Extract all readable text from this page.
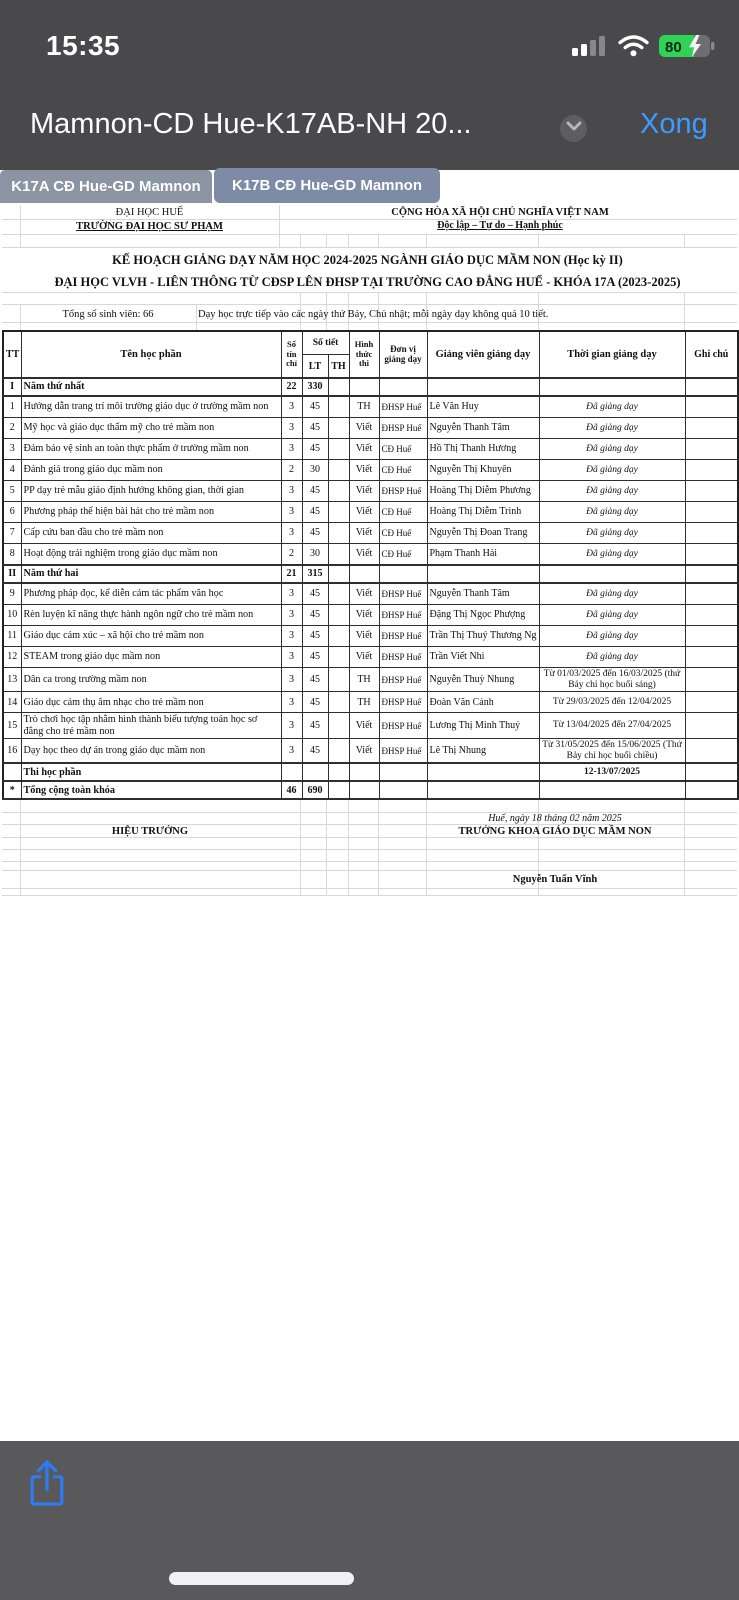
15:35	80
Mamnon-CD Hue-K17AB-NH 20...	Xong
K17A CĐ Hue-GD Mamnon	K17B CĐ Hue-GD Mamnon
ĐẠI HỌC HUẾ
TRƯỜNG ĐẠI HỌC SƯ PHẠM
CỘNG HÒA XÃ HỘI CHỦ NGHĨA VIỆT NAM
Độc lập – Tự do – Hạnh phúc
KẾ HOẠCH GIẢNG DẠY NĂM HỌC 2024-2025 NGÀNH GIÁO DỤC MẦM NON (Học kỳ II)
ĐẠI HỌC VLVH - LIÊN THÔNG TỪ CĐSP LÊN ĐHSP TẠI TRƯỜNG CAO ĐẲNG HUẾ - KHÓA 17A (2023-2025)
Tổng số sinh viên: 66	Dạy học trực tiếp vào các ngày thứ Bảy, Chủ nhật; mỗi ngày dạy không quá 10 tiết.
TT	Tên học phần	Số tín chỉ	Số tiết		Hình thức thi	Đơn vị giảng dạy	Giảng viên giảng dạy	Thời gian giảng dạy	Ghi chú
			LT	TH					
I	Năm thứ nhất	22	330						
1	Hướng dẫn trang trí môi trường giáo dục ở trường mầm non	3	45		TH	ĐHSP Huế	Lê Văn Huy	Đã giảng dạy	
2	Mỹ học và giáo dục thẩm mỹ cho trẻ mầm non	3	45		Viết	ĐHSP Huế	Nguyễn Thanh Tâm	Đã giảng dạy	
3	Đảm bảo vệ sinh an toàn thực phẩm ở trường mầm non	3	45		Viết	CĐ Huế	Hồ Thị Thanh Hương	Đã giảng dạy	
4	Đánh giá trong giáo dục mầm non	2	30		Viết	CĐ Huế	Nguyễn Thị Khuyên	Đã giảng dạy	
5	PP dạy trẻ mẫu giáo định hướng không gian, thời gian	3	45		Viết	ĐHSP Huế	Hoàng Thị Diễm Phương	Đã giảng dạy	
6	Phương pháp thể hiện bài hát cho trẻ mầm non	3	45		Viết	CĐ Huế	Hoàng Thị Diễm Trinh	Đã giảng dạy	
7	Cấp cứu ban đầu cho trẻ mầm non	3	45		Viết	CĐ Huế	Nguyễn Thị Đoan Trang	Đã giảng dạy	
8	Hoạt động trải nghiệm trong giáo dục mầm non	2	30		Viết	CĐ Huế	Phạm Thanh Hải	Đã giảng dạy	
II	Năm thứ hai	21	315						
9	Phương pháp đọc, kể diễn cảm tác phẩm văn học	3	45		Viết	ĐHSP Huế	Nguyễn Thanh Tâm	Đã giảng dạy	
10	Rèn luyện kĩ năng thực hành ngôn ngữ cho trẻ mầm non	3	45		Viết	ĐHSP Huế	Đặng Thị Ngọc Phượng	Đã giảng dạy	
11	Giáo dục cảm xúc – xã hội cho trẻ mầm non	3	45		Viết	ĐHSP Huế	Trần Thị Thuý Thương Ng	Đã giảng dạy	
12	STEAM trong giáo dục mầm non	3	45		Viết	ĐHSP Huế	Trần Viết Nhi	Đã giảng dạy	
13	Dân ca trong trường mầm non	3	45		TH	ĐHSP Huế	Nguyễn Thuỳ Nhung	Từ 01/03/2025 đến 16/03/2025 (thứ Bảy chỉ học buổi sáng)	
14	Giáo dục cảm thụ âm nhạc cho trẻ mầm non	3	45		TH	ĐHSP Huế	Đoàn Văn Cảnh	Từ 29/03/2025 đến 12/04/2025	
15	Trò chơi học tập nhằm hình thành biểu tượng toán học sơ đẳng cho trẻ mầm non	3	45		Viết	ĐHSP Huế	Lương Thị Minh Thuỷ	Từ 13/04/2025 đến 27/04/2025	
16	Dạy học theo dự án trong giáo dục mầm non	3	45		Viết	ĐHSP Huế	Lê Thị Nhung	Từ 31/05/2025 đến 15/06/2025 (Thứ Bảy chỉ học buổi chiều)	
	Thi học phần							12-13/07/2025	
*	Tổng cộng toàn khóa	46	690						
Huế, ngày 18 tháng 02 năm 2025
HIỆU TRƯỞNG	TRƯỞNG KHOA GIÁO DỤC MẦM NON
Nguyễn Tuấn Vĩnh
